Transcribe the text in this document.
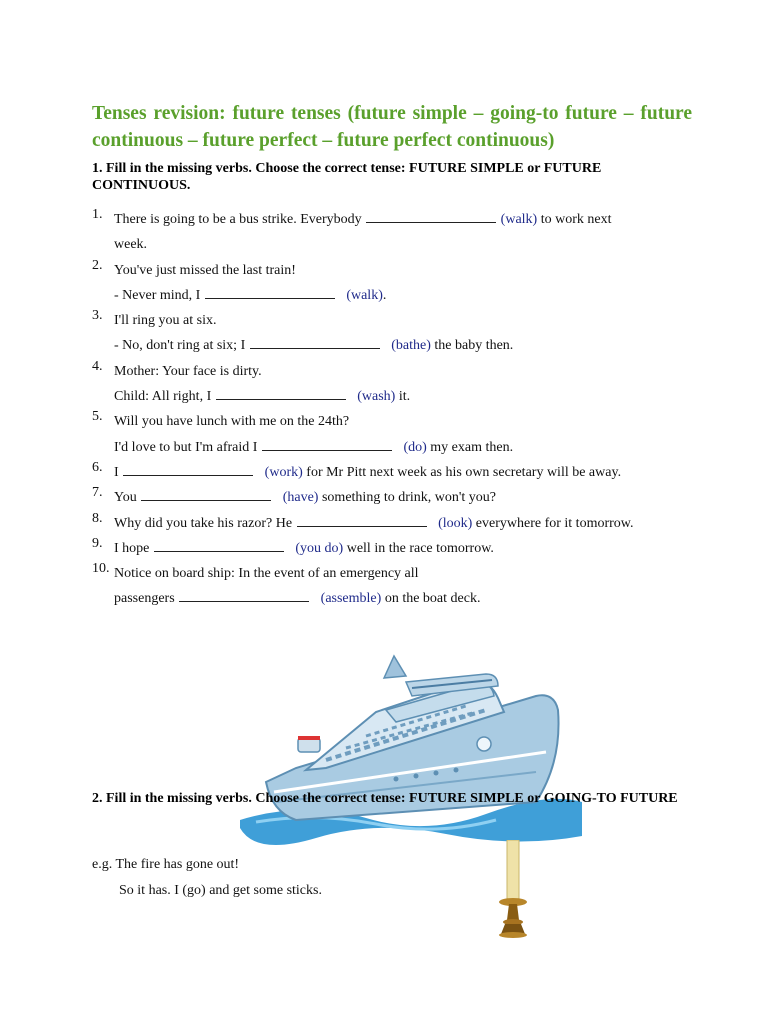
Tenses revision: future tenses (future simple – going-to future – future continuous – future perfect – future perfect continuous)
1. Fill in the missing verbs. Choose the correct tense: FUTURE SIMPLE or FUTURE CONTINUOUS.
1. There is going to be a bus strike. Everybody	(walk) to work next
week.
2. You've just missed the last train!
- Never mind, I	(walk).
3. I'll ring you at six.
- No, don't ring at six; I	(bathe) the baby then.
4. Mother: Your face is dirty.
Child: All right, I	(wash) it.
5. Will you have lunch with me on the 24th?
I'd love to but I'm afraid I	(do) my exam then.
6. I	(work) for Mr Pitt next week as his own secretary will be away.
7. You	(have) something to drink, won't you?
8. Why did you take his razor? He	(look) everywhere for it tomorrow.
9. I hope	(you do) well in the race tomorrow.
10. Notice on board ship: In the event of an emergency all
passengers	(assemble) on the boat deck.
2. Fill in the missing verbs. Choose the correct tense: FUTURE SIMPLE or GOING-TO FUTURE
e.g. The fire has gone out!
So it has. I (go) and get some sticks.
